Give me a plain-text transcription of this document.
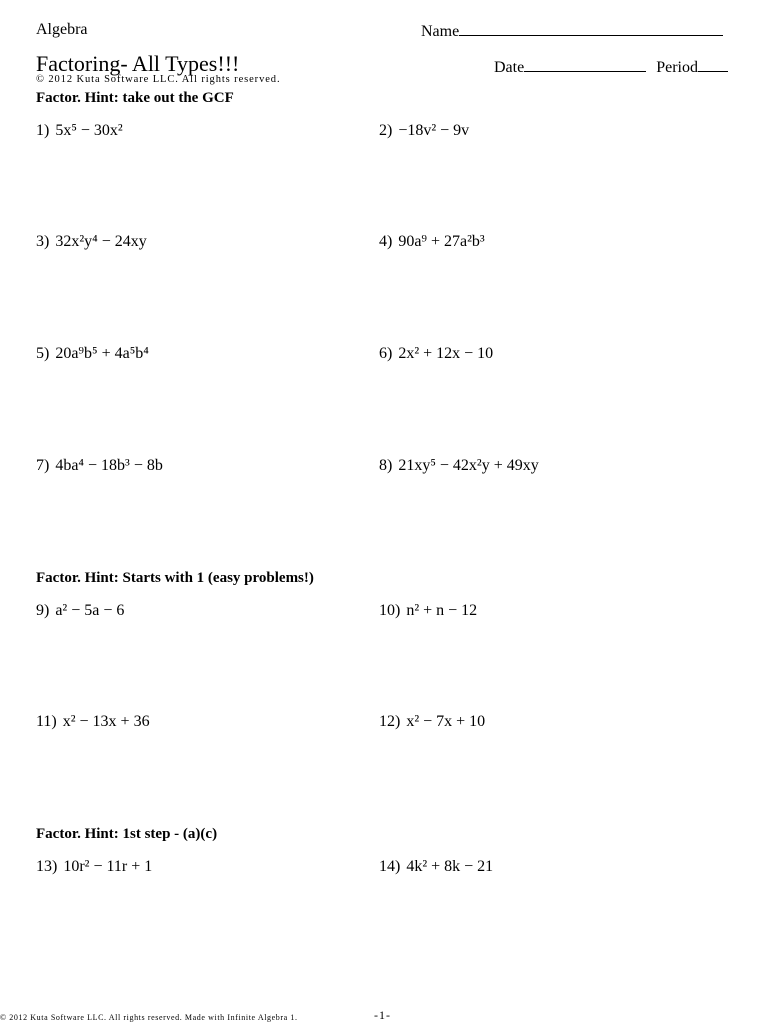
Algebra	Name
Factoring- All Types!!!	Date	Period
© 2012 Kuta Software LLC. All rights reserved.
Factor. Hint: take out the GCF
1) 5x⁵ − 30x²	2) −18v² − 9v
3) 32x²y⁴ − 24xy	4) 90a⁹ + 27a²b³
5) 20a⁹b⁵ + 4a⁵b⁴	6) 2x² + 12x − 10
7) 4ba⁴ − 18b³ − 8b	8) 21xy⁵ − 42x²y + 49xy
Factor. Hint: Starts with 1 (easy problems!)
9) a² − 5a − 6	10) n² + n − 12
11) x² − 13x + 36	12) x² − 7x + 10
Factor. Hint: 1st step - (a)(c)
13) 10r² − 11r + 1	14) 4k² + 8k − 21
© 2012 Kuta Software LLC. All rights reserved. Made with Infinite Algebra 1.	-1-
